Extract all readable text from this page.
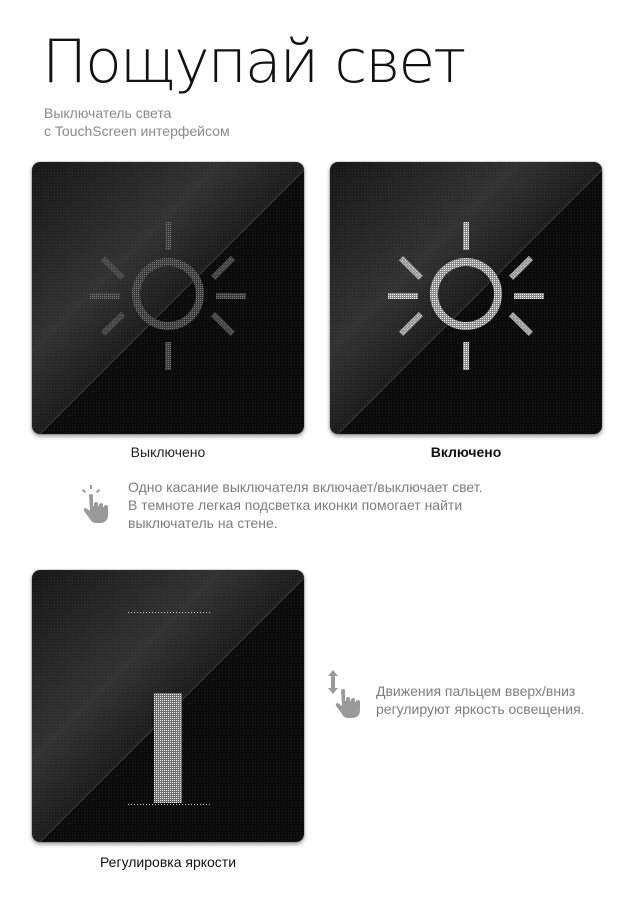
Пощупай свет
Выключатель света
с TouchScreen интерфейсом
Выключено	Включено
Одно касание выключателя включает/выключает свет.
В темноте легкая подсветка иконки помогает найти
выключатель на стене.
Регулировка яркости
Движения пальцем вверх/вниз
регулируют яркость освещения.
